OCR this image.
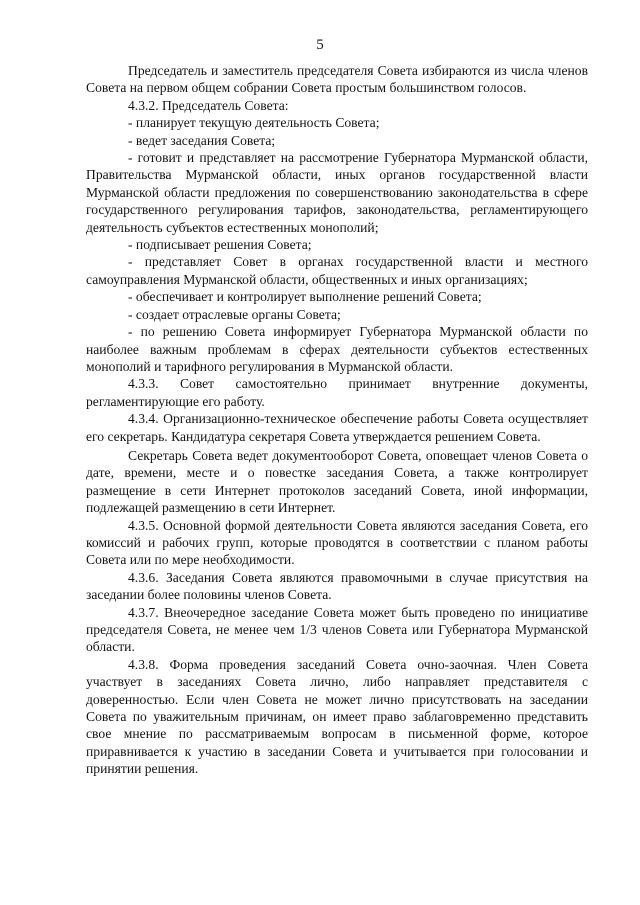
5

Председатель и заместитель председателя Совета избираются из числа членов Совета на первом общем собрании Совета простым большинством голосов.

4.3.2. Председатель Совета:

- планирует текущую деятельность Совета;

- ведет заседания Совета;

- готовит и представляет на рассмотрение Губернатора Мурманской области, Правительства Мурманской области, иных органов государственной власти Мурманской области предложения по совершенствованию законодательства в сфере государственного регулирования тарифов, законодательства, регламентирующего деятельность субъектов естественных монополий;

- подписывает решения Совета;

- представляет Совет в органах государственной власти и местного самоуправления Мурманской области, общественных и иных организациях;

- обеспечивает и контролирует выполнение решений Совета;

- создает отраслевые органы Совета;

- по решению Совета информирует Губернатора Мурманской области по наиболее важным проблемам в сферах деятельности субъектов естественных монополий и тарифного регулирования в Мурманской области.

4.3.3. Совет самостоятельно принимает внутренние документы, регламентирующие его работу.

4.3.4. Организационно-техническое обеспечение работы Совета осуществляет его секретарь. Кандидатура секретаря Совета утверждается решением Совета.

Секретарь Совета ведет документооборот Совета, оповещает членов Совета о дате, времени, месте и о повестке заседания Совета, а также контролирует размещение в сети Интернет протоколов заседаний Совета, иной информации, подлежащей размещению в сети Интернет.

4.3.5. Основной формой деятельности Совета являются заседания Совета, его комиссий и рабочих групп, которые проводятся в соответствии с планом работы Совета или по мере необходимости.

4.3.6. Заседания Совета являются правомочными в случае присутствия на заседании более половины членов Совета.

4.3.7. Внеочередное заседание Совета может быть проведено по инициативе председателя Совета, не менее чем 1/3 членов Совета или Губернатора Мурманской области.

4.3.8. Форма проведения заседаний Совета очно-заочная. Член Совета участвует в заседаниях Совета лично, либо направляет представителя с доверенностью. Если член Совета не может лично присутствовать на заседании Совета по уважительным причинам, он имеет право заблаговременно представить свое мнение по рассматриваемым вопросам в письменной форме, которое приравнивается к участию в заседании Совета и учитывается при голосовании и принятии решения.
